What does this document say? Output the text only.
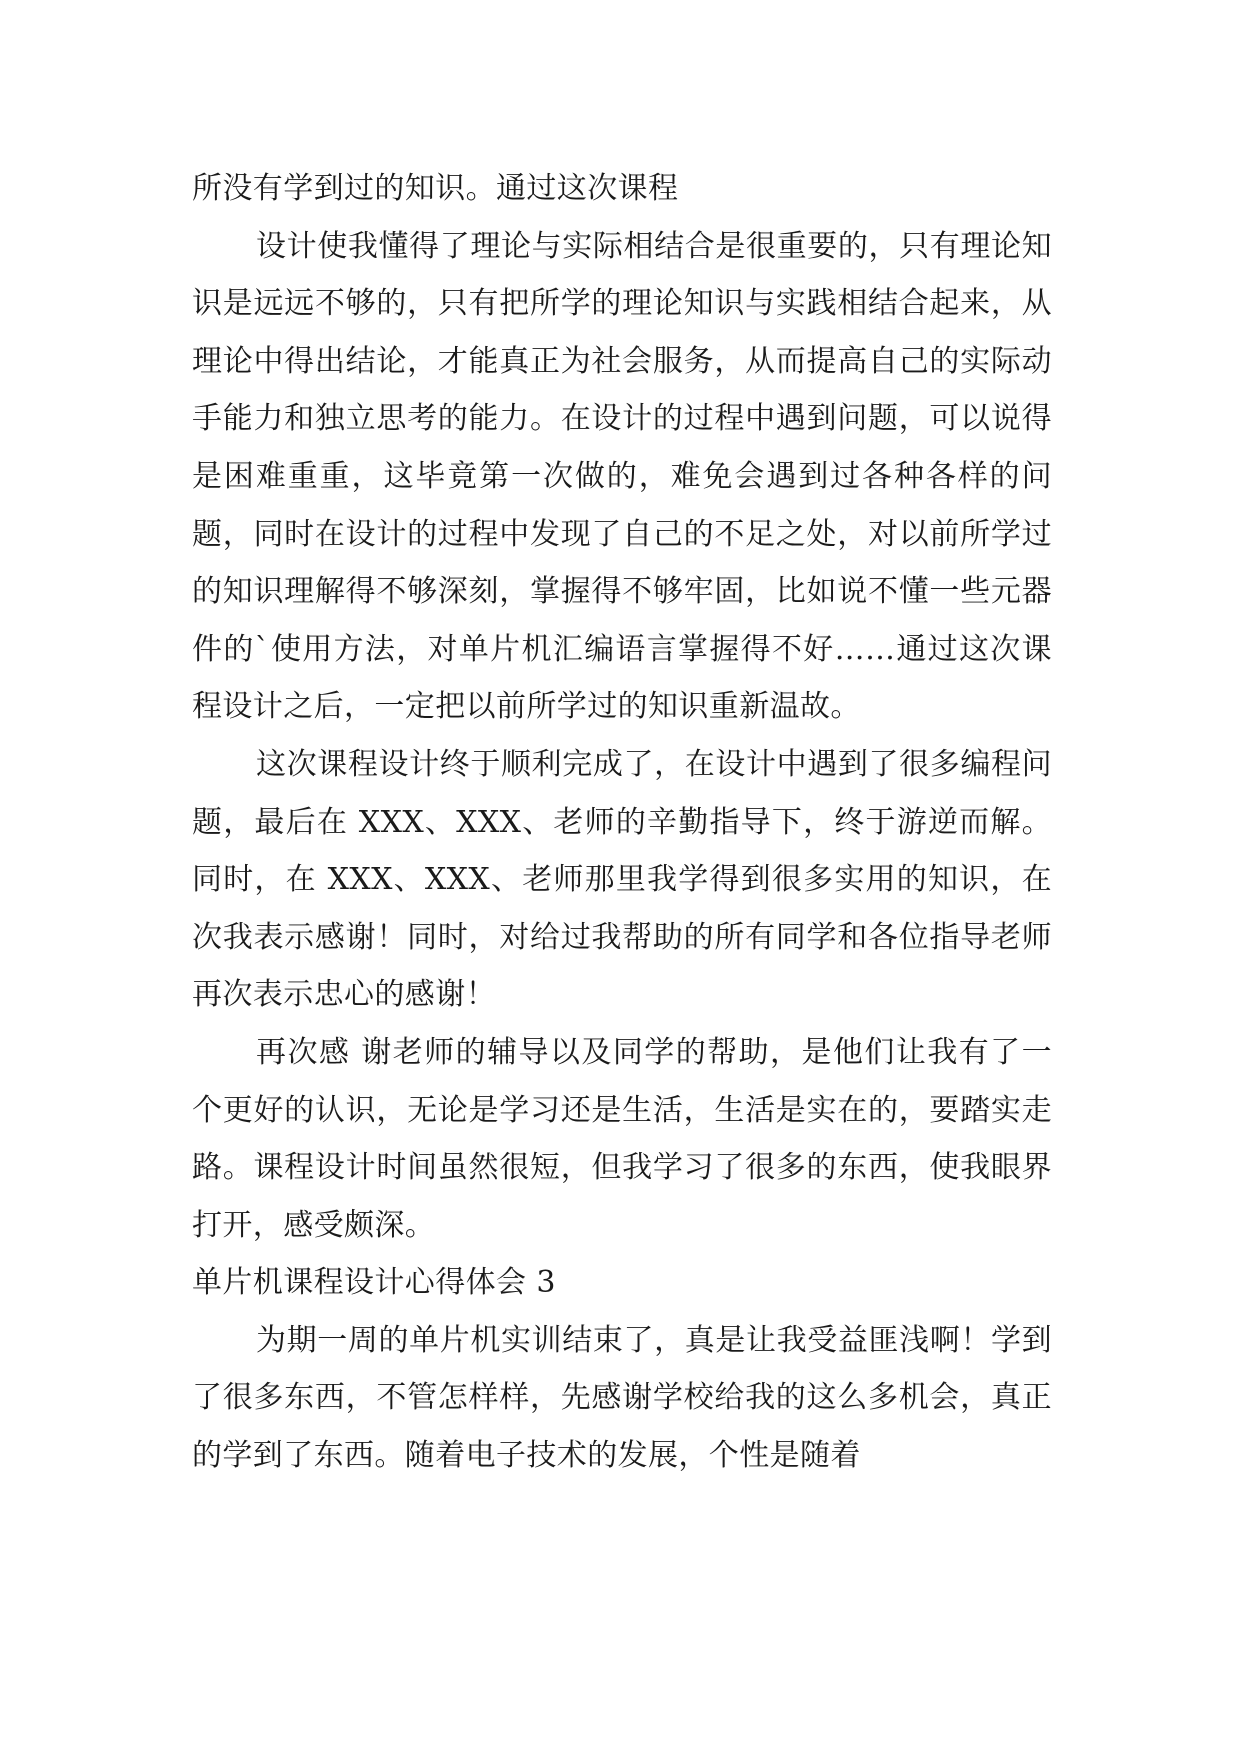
所没有学到过的知识。通过这次课程

设计使我懂得了理论与实际相结合是很重要的，只有理论知识是远远不够的，只有把所学的理论知识与实践相结合起来，从理论中得出结论，才能真正为社会服务，从而提高自己的实际动手能力和独立思考的能力。在设计的过程中遇到问题，可以说得是困难重重，这毕竟第一次做的，难免会遇到过各种各样的问题，同时在设计的过程中发现了自己的不足之处，对以前所学过的知识理解得不够深刻，掌握得不够牢固，比如说不懂一些元器件的`使用方法，对单片机汇编语言掌握得不好……通过这次课程设计之后，一定把以前所学过的知识重新温故。

这次课程设计终于顺利完成了，在设计中遇到了很多编程问题，最后在 XXX、XXX、老师的辛勤指导下，终于游逆而解。同时，在 XXX、XXX、老师那里我学得到很多实用的知识，在次我表示感谢！同时，对给过我帮助的所有同学和各位指导老师再次表示忠心的感谢！

再次感 谢老师的辅导以及同学的帮助，是他们让我有了一个更好的认识，无论是学习还是生活，生活是实在的，要踏实走路。课程设计时间虽然很短，但我学习了很多的东西，使我眼界打开，感受颇深。

单片机课程设计心得体会 3

为期一周的单片机实训结束了，真是让我受益匪浅啊！学到了很多东西，不管怎样样，先感谢学校给我的这么多机会，真正的学到了东西。随着电子技术的发展，个性是随着
